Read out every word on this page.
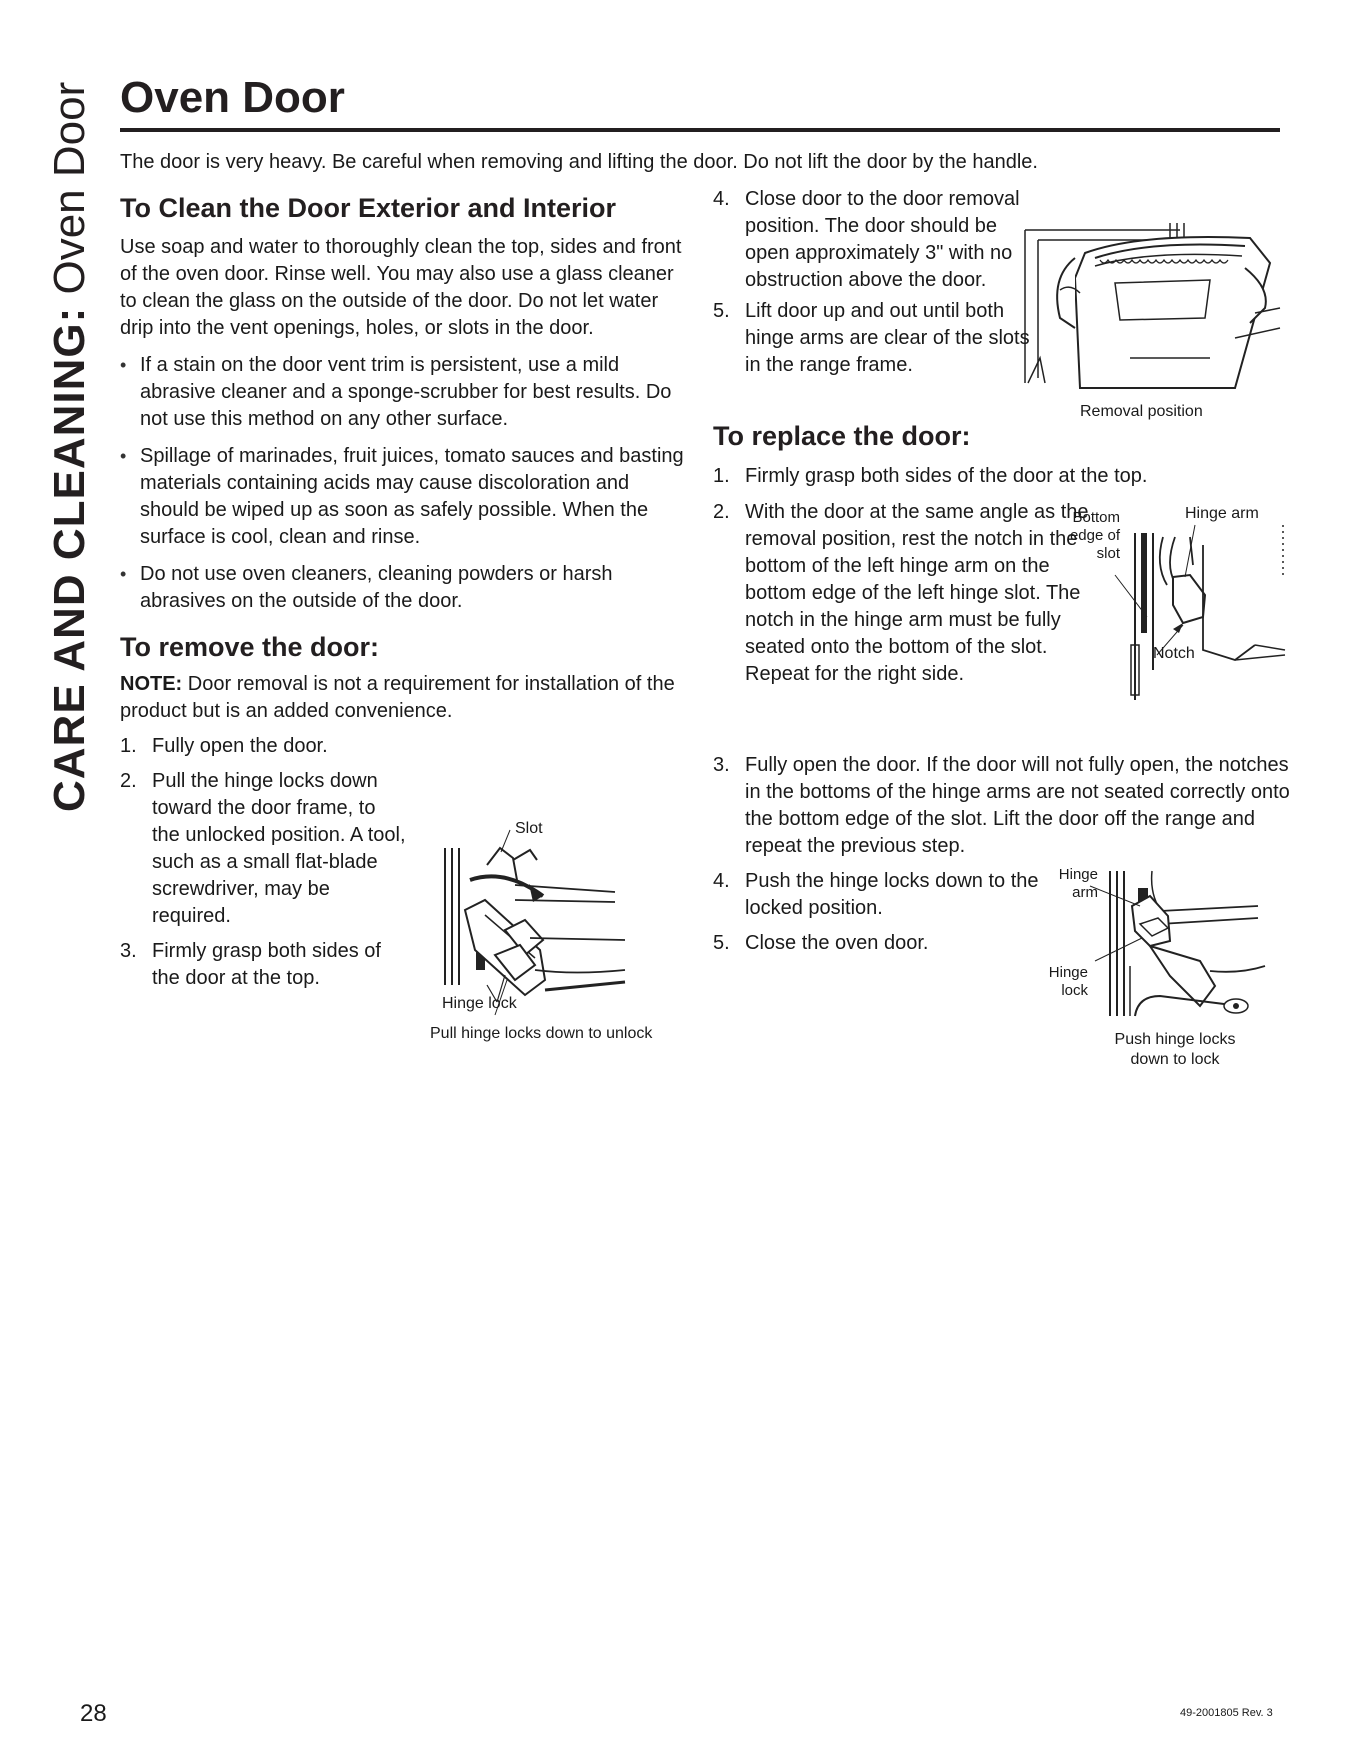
CARE AND CLEANING: Oven Door Oven Door

The door is very heavy. Be careful when removing and lifting the door. Do not lift the door by the handle.

To Clean the Door Exterior and Interior

Use soap and water to thoroughly clean the top, sides and front of the oven door. Rinse well. You may also use a glass cleaner to clean the glass on the outside of the door. Do not let water drip into the vent openings, holes, or slots in the door.

• If a stain on the door vent trim is persistent, use a mild abrasive cleaner and a sponge-scrubber for best results. Do not use this method on any other surface.
• Spillage of marinades, fruit juices, tomato sauces and basting materials containing acids may cause discoloration and should be wiped up as soon as safely possible. When the surface is cool, clean and rinse.
• Do not use oven cleaners, cleaning powders or harsh abrasives on the outside of the door.
To remove the door:

NOTE: Door removal is not a requirement for installation of the product but is an added convenience.

1. Fully open the door.
2. Pull the hinge locks down toward the door frame, to the unlocked position. A tool, such as a small flat-blade screwdriver, may be required.
3. Firmly grasp both sides of the door at the top.
Slot
Hinge lock
Pull hinge locks down to unlock
4. Close door to the door removal position. The door should be open approximately 3" with no obstruction above the door.
Removal position
5. Lift door up and out until both hinge arms are clear of the slots in the range frame.
To replace the door:
1. Firmly grasp both sides of the door at the top.
2. With the door at the same angle as the removal position, rest the notch in the bottom of the left hinge arm on the bottom edge of the left hinge slot. The notch in the hinge arm must be fully seated onto the bottom of the slot. Repeat for the right side.
Bottom edge of slot
Hinge arm
Notch
3. Fully open the door. If the door will not fully open, the notches in the bottoms of the hinge arms are not seated correctly onto the bottom edge of the slot. Lift the door off the range and repeat the previous step.
4. Push the hinge locks down to the locked position.
5. Close the oven door.
Hinge arm
Hinge lock
Push hinge locks down to lock
28	49-2001805 Rev. 3
